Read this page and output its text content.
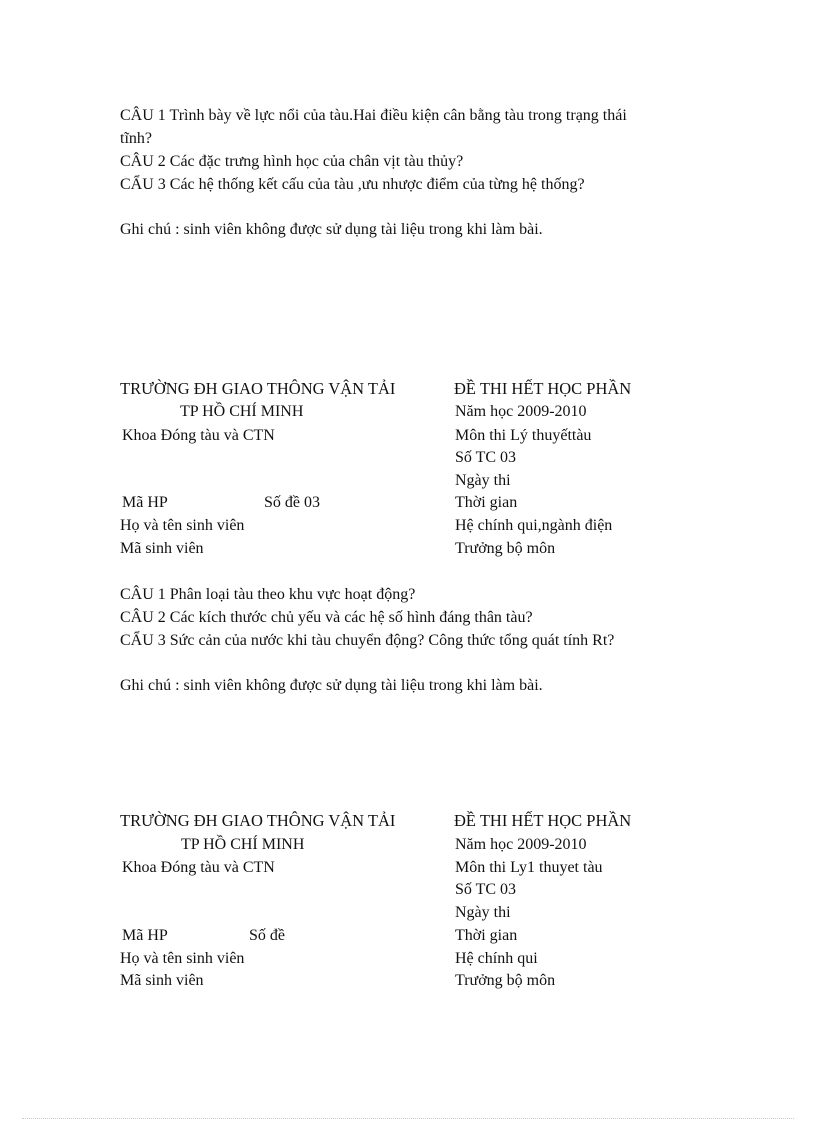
CÂU 1 Trình bày về lực nổi của tàu.Hai điều kiện cân bằng tàu trong trạng thái
tĩnh?
CÂU 2 Các đặc trưng hình học của chân vịt tàu thủy?
CẨU 3 Các hệ thống kết cấu của tàu ,ưu nhược điểm của từng hệ thống?
Ghi chú : sinh viên không được sử dụng tài liệu trong khi làm bài.
TRƯỜNG ĐH GIAO THÔNG VẬN TẢI
TP HỒ CHÍ MINH
Khoa Đóng tàu và CTN
Mã HP	Số đề 03
Họ và tên sinh viên
Mã sinh viên
ĐỀ THI HẾT HỌC PHẦN
Năm học 2009-2010
Môn thi Lý thuyếttàu
Số TC 03
Ngày thi
Thời gian
Hệ chính qui,ngành điện
Trưởng bộ môn
CÂU 1 Phân loại tàu theo khu vực hoạt động?
CÂU 2 Các kích thước chủ yếu và các hệ số hình đáng thân tàu?
CẨU 3 Sức cản của nước khi tàu chuyển động? Công thức tổng quát tính Rt?
Ghi chú : sinh viên không được sử dụng tài liệu trong khi làm bài.
TRƯỜNG ĐH GIAO THÔNG VẬN TẢI
TP HỒ CHÍ MINH
Khoa Đóng tàu và CTN
Mã HP	Số đề
Họ và tên sinh viên
Mã sinh viên
ĐỀ THI HẾT HỌC PHẦN
Năm học 2009-2010
Môn thi Ly1 thuyet tàu
Số TC 03
Ngày thi
Thời gian
Hệ chính qui
Trưởng bộ môn
